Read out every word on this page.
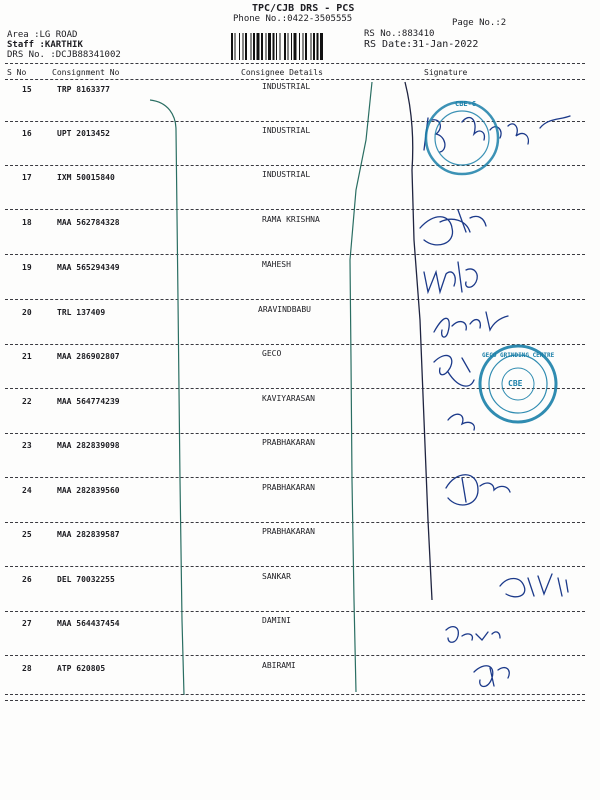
TPC/CJB DRS - PCS
Phone No.:0422-3505555	Page No.:2
Area :LG ROAD
Staff :KARTHIK
DRS No. :DCJB88341002
RS No.:883410
RS Date:31-Jan-2022
S No	Consignment No	Consignee Details	Signature
15	TRP 8163377	INDUSTRIAL
16	UPT 2013452	INDUSTRIAL
17	IXM 50015840	INDUSTRIAL
18	MAA 562784328	RAMA KRISHNA
19	MAA 565294349	MAHESH
20	TRL 137409	ARAVINDBABU
21	MAA 286902807	GECO
22	MAA 564774239	KAVIYARASAN
23	MAA 282839098	PRABHAKARAN
24	MAA 282839560	PRABHAKARAN
25	MAA 282839587	PRABHAKARAN
26	DEL 70032255	SANKAR
27	MAA 564437454	DAMINI
28	ATP 620805	ABIRAMI
CBE-6
GECO GRINDING CENTRE
CBE
